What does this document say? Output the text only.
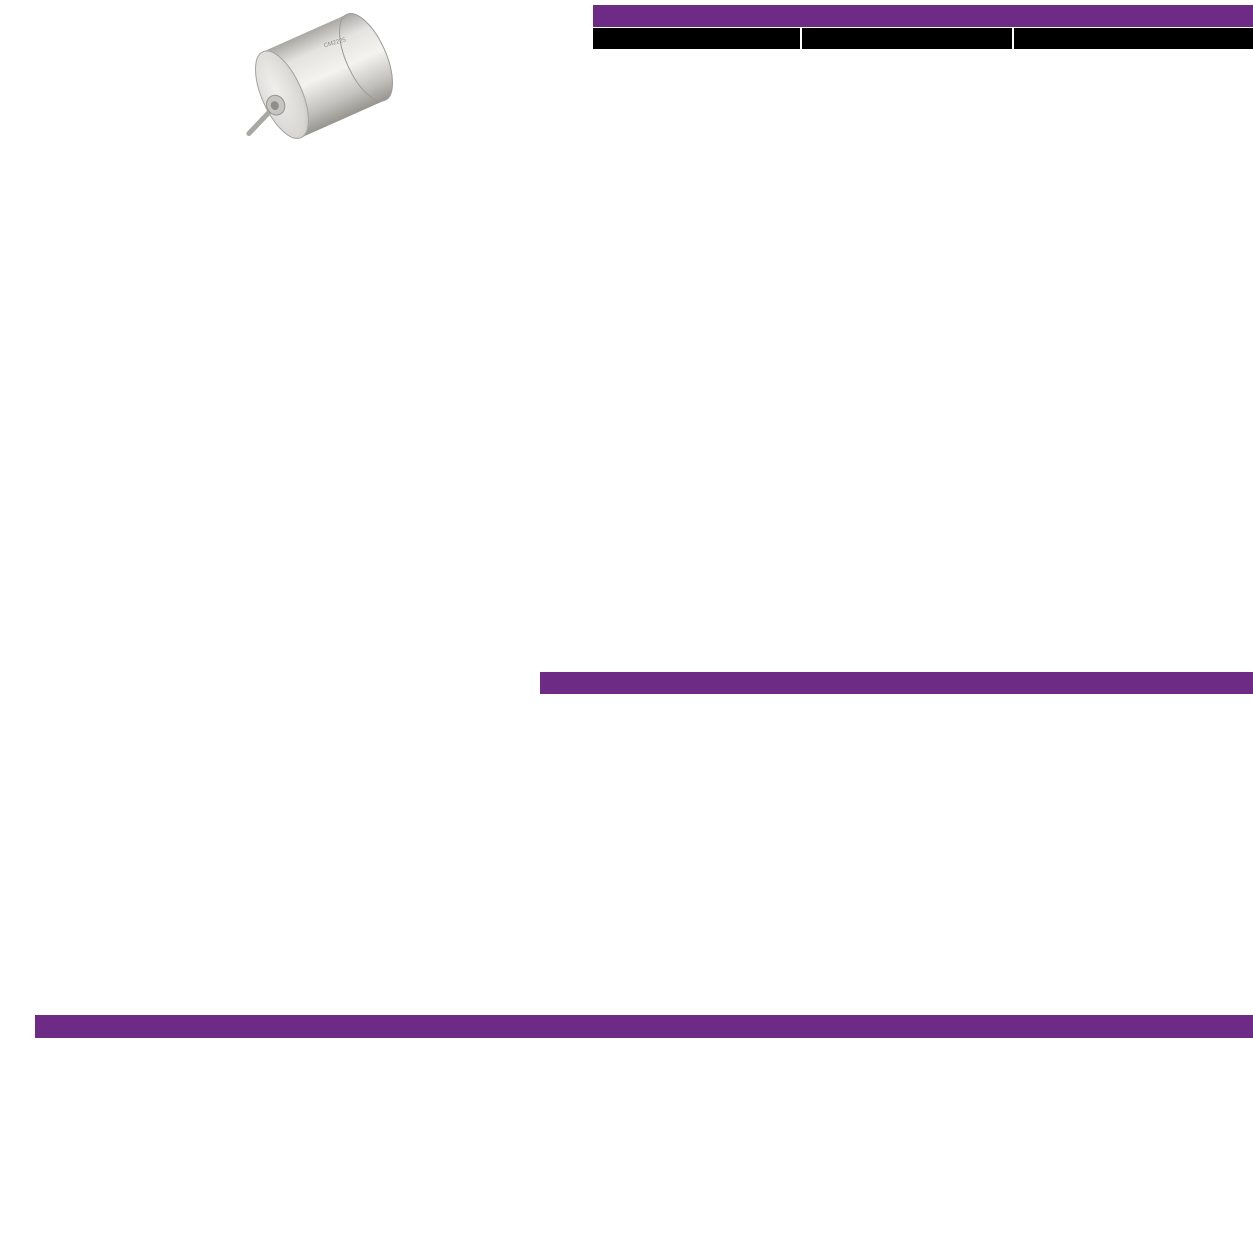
CM2225
